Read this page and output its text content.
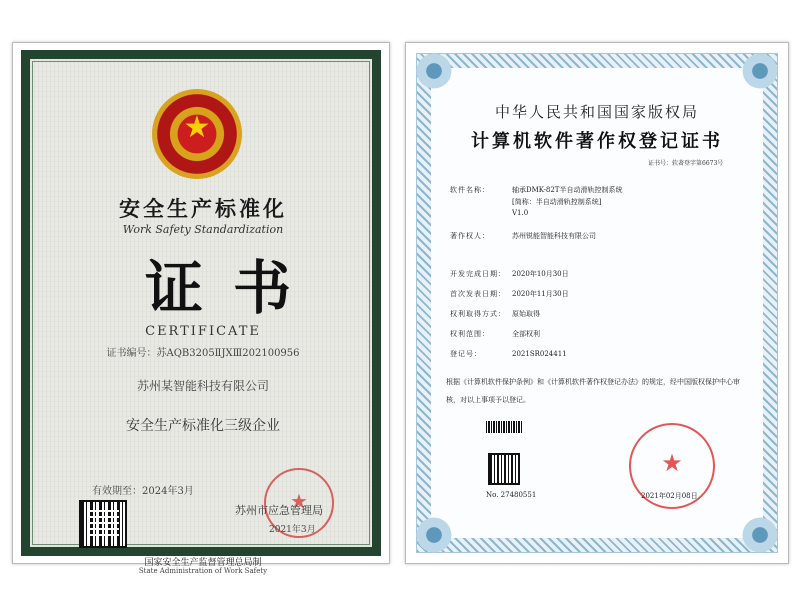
★
安全生产标准化
Work Safety Standardization
证书
CERTIFICATE
证书编号：苏AQB3205ⅡJXⅢ202100956
苏州某智能科技有限公司
安全生产标准化三级企业
有效期至：2024年3月
★
苏州市应急管理局
2021年3月
国家安全生产监督管理总局制
State Administration of Work Safety
中华人民共和国国家版权局
计算机软件著作权登记证书
证书号：软著登字第6673号
软件名称：	轴承DMK-82T半自动滑轨控制系统
[简称：半自动滑轨控制系统]
V1.0
著作权人：	苏州锐能智能科技有限公司
开发完成日期： 2020年10月30日
首次发表日期： 2020年11月30日
权利取得方式： 原始取得
权利范围：	全部权利
登记号：	2021SR024411
根据《计算机软件保护条例》和《计算机软件著作权登记办法》的规定，经中国版权保护中心审核，对以上事项予以登记。
No. 27480551
★	2021年02月08日
